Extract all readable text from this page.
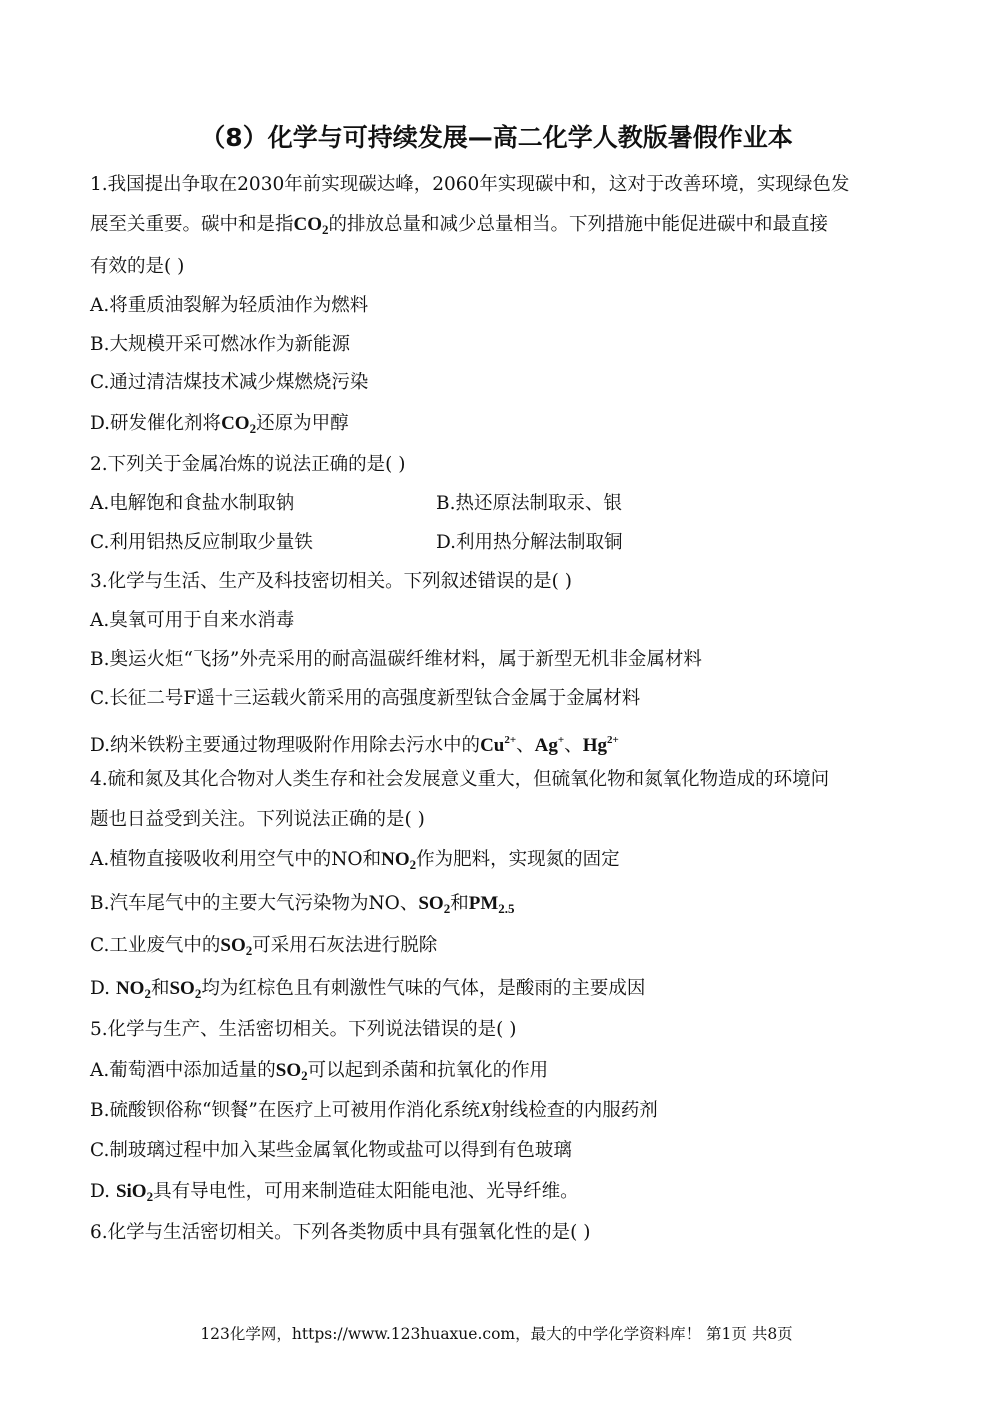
（8）化学与可持续发展—高二化学人教版暑假作业本
1.我国提出争取在2030年前实现碳达峰，2060年实现碳中和，这对于改善环境，实现绿色发
展至关重要。碳中和是指$CO_2$的排放总量和减少总量相当。下列措施中能促进碳中和最直接
有效的是( )
A.将重质油裂解为轻质油作为燃料
B.大规模开采可燃冰作为新能源
C.通过清洁煤技术减少煤燃烧污染
D.研发催化剂将$CO_2$还原为甲醇
2.下列关于金属冶炼的说法正确的是( )
A.电解饱和食盐水制取钠	B.热还原法制取汞、银
C.利用铝热反应制取少量铁	D.利用热分解法制取铜
3.化学与生活、生产及科技密切相关。下列叙述错误的是( )
A.臭氧可用于自来水消毒
B.奥运火炬“飞扬”外壳采用的耐高温碳纤维材料，属于新型无机非金属材料
C.长征二号F遥十三运载火箭采用的高强度新型钛合金属于金属材料
D.纳米铁粉主要通过物理吸附作用除去污水中的$Cu^{2+}$、Ag+、$Hg^{2+}$
4.硫和氮及其化合物对人类生存和社会发展意义重大，但硫氧化物和氮氧化物造成的环境问
题也日益受到关注。下列说法正确的是( )
A.植物直接吸收利用空气中的NO和$NO_2$作为肥料，实现氮的固定
B.汽车尾气中的主要大气污染物为NO、$SO_2$和$PM_{2.5}$
C.工业废气中的$SO_2$可采用石灰法进行脱除
D. $NO_2$和$SO_2$均为红棕色且有刺激性气味的气体，是酸雨的主要成因
5.化学与生产、生活密切相关。下列说法错误的是( )
A.葡萄酒中添加适量的$SO_2$可以起到杀菌和抗氧化的作用
B.硫酸钡俗称“钡餐”在医疗上可被用作消化系统X射线检查的内服药剂
C.制玻璃过程中加入某些金属氧化物或盐可以得到有色玻璃
D. SiO$_2$具有导电性，可用来制造硅太阳能电池、光导纤维。
6.化学与生活密切相关。下列各类物质中具有强氧化性的是( )
123化学网，https://www.123huaxue.com，最大的中学化学资料库！ 第1页 共8页
